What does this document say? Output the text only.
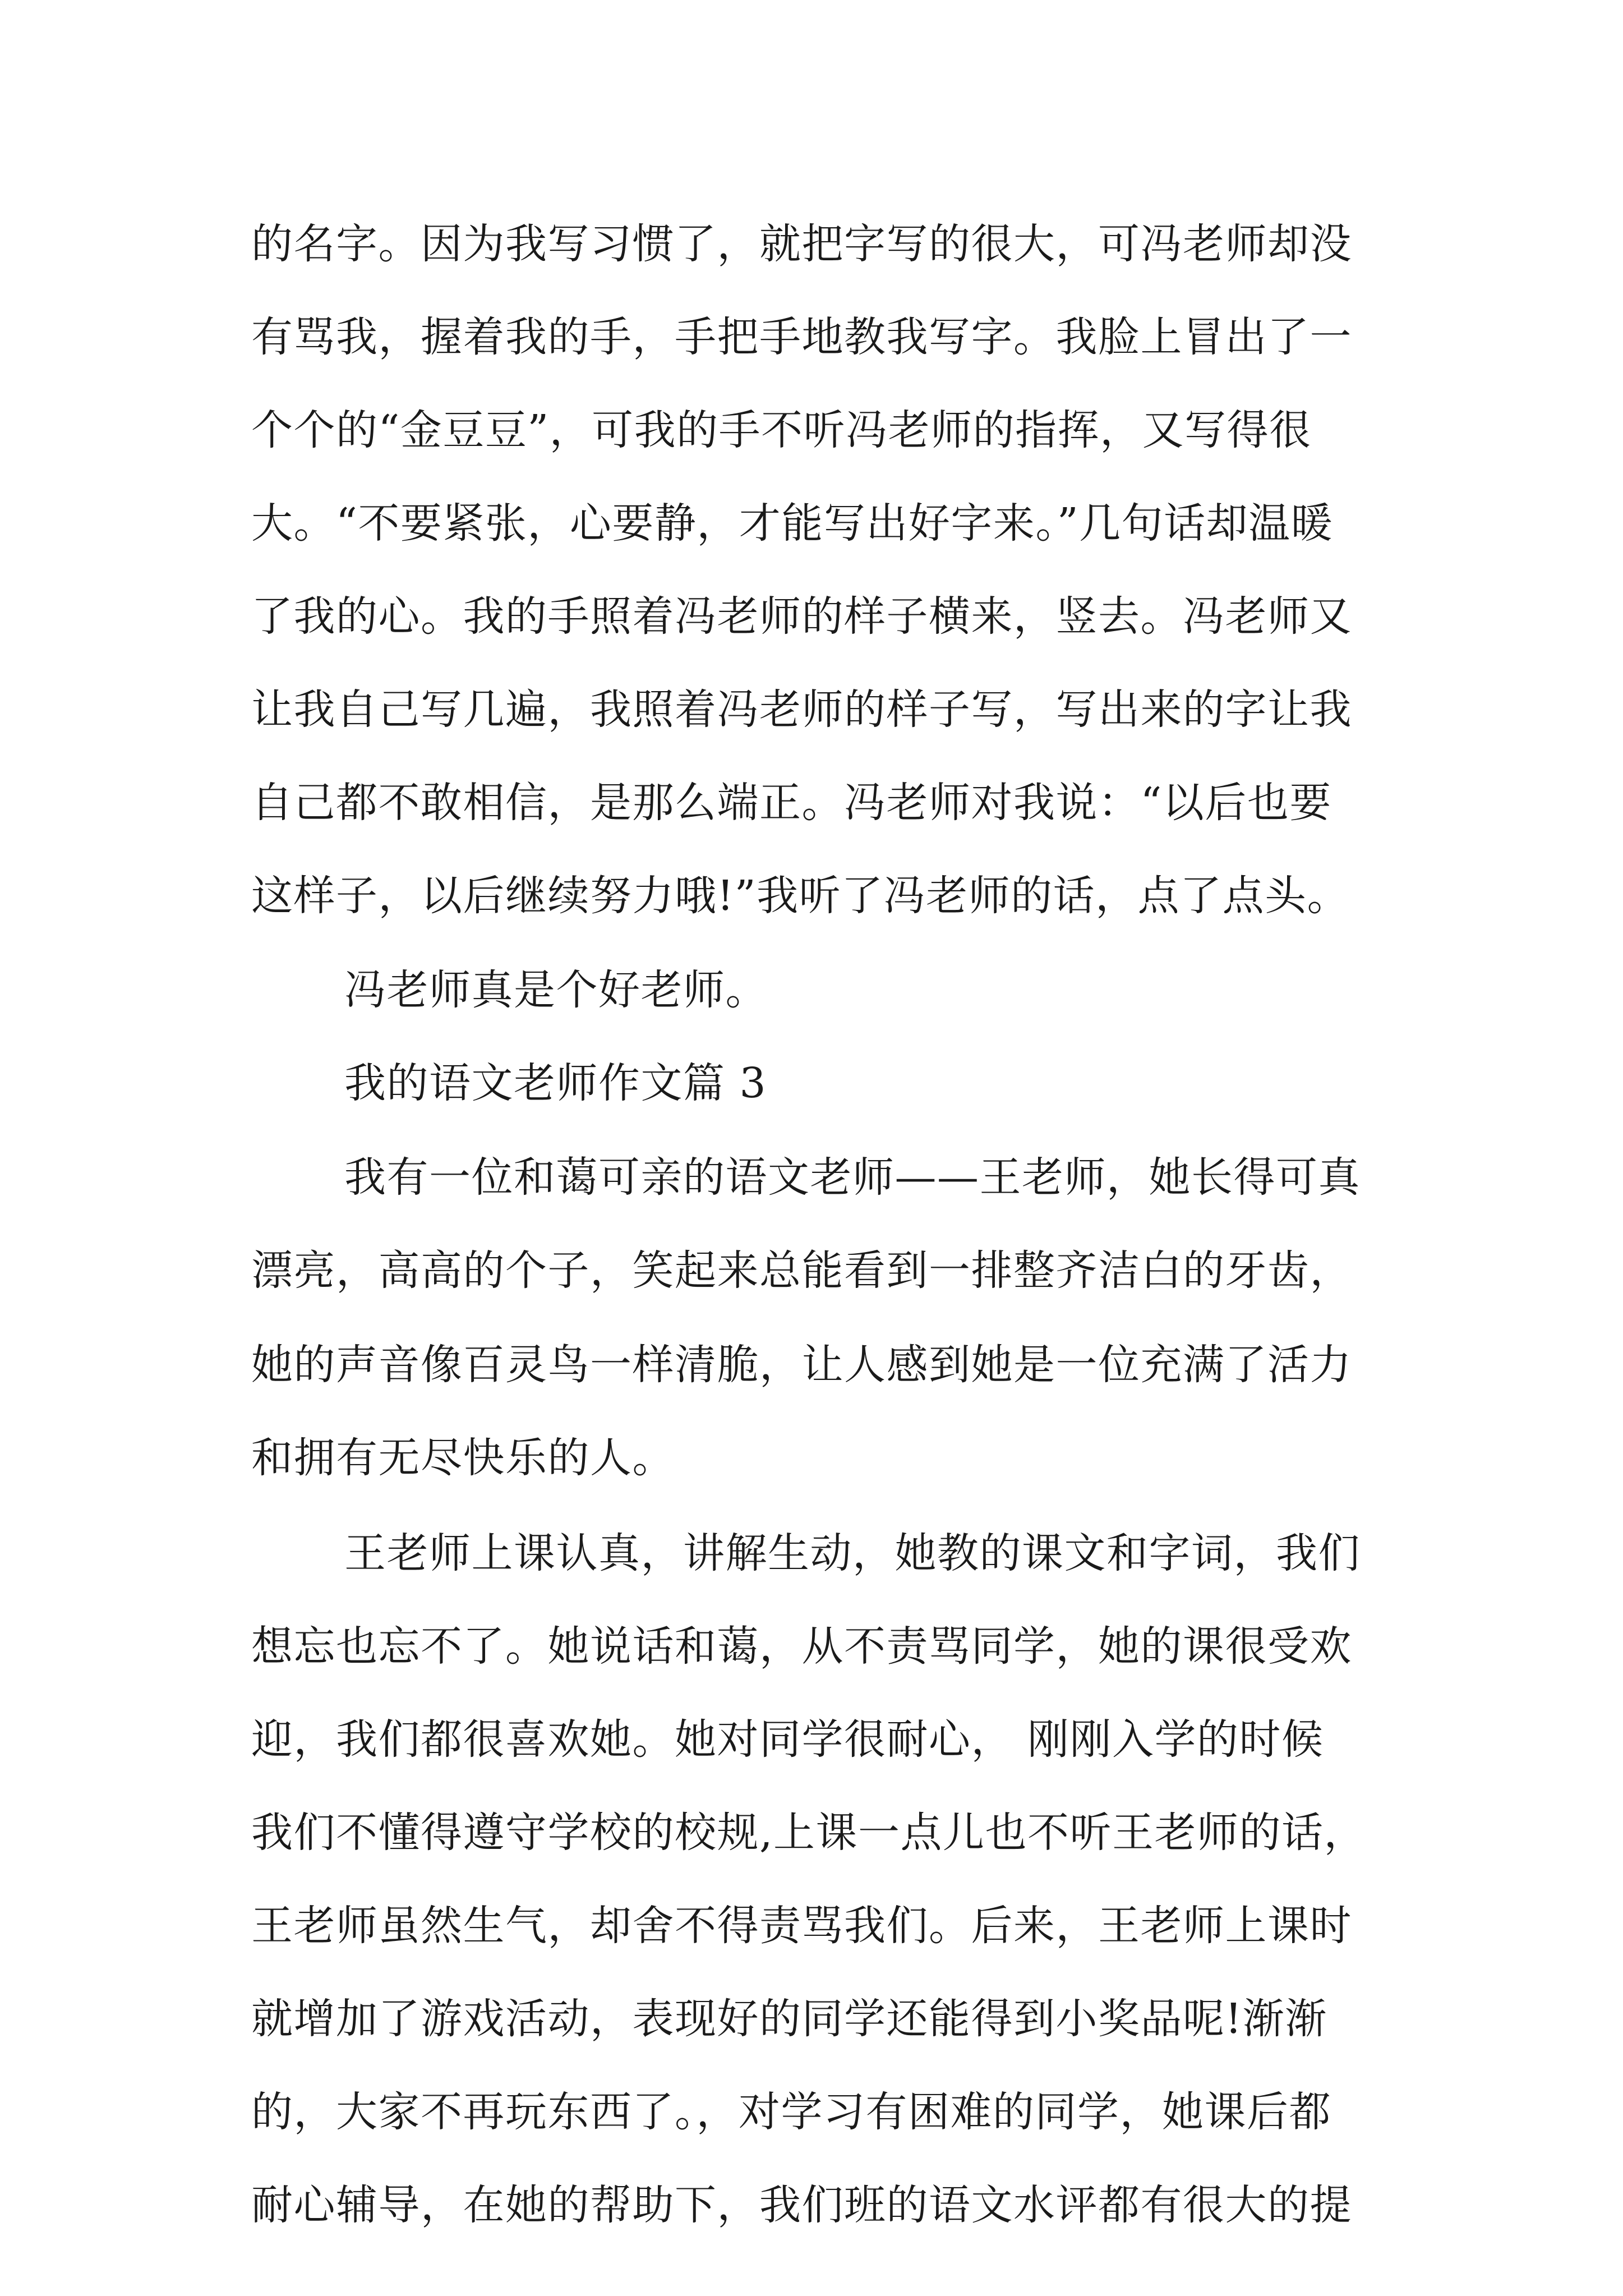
的名字。因为我写习惯了，就把字写的很大，可冯老师却没
有骂我，握着我的手，手把手地教我写字。我脸上冒出了一
个个的“金豆豆”，可我的手不听冯老师的指挥，又写得很
大。“不要紧张，心要静，才能写出好字来。”几句话却温暖
了我的心。我的手照着冯老师的样子横来，竖去。冯老师又
让我自己写几遍，我照着冯老师的样子写，写出来的字让我
自己都不敢相信，是那么端正。冯老师对我说：“以后也要
这样子，以后继续努力哦!”我听了冯老师的话，点了点头。
冯老师真是个好老师。
我的语文老师作文篇 3
我有一位和蔼可亲的语文老师——王老师，她长得可真
漂亮，高高的个子，笑起来总能看到一排整齐洁白的牙齿，
她的声音像百灵鸟一样清脆，让人感到她是一位充满了活力
和拥有无尽快乐的人。
王老师上课认真，讲解生动，她教的课文和字词，我们
想忘也忘不了。她说话和蔼，从不责骂同学，她的课很受欢
迎，我们都很喜欢她。她对同学很耐心， 刚刚入学的时候
我们不懂得遵守学校的校规,上课一点儿也不听王老师的话，
王老师虽然生气，却舍不得责骂我们。后来，王老师上课时
就增加了游戏活动，表现好的同学还能得到小奖品呢!渐渐
的，大家不再玩东西了。，对学习有困难的同学，她课后都
耐心辅导，在她的帮助下，我们班的语文水评都有很大的提
